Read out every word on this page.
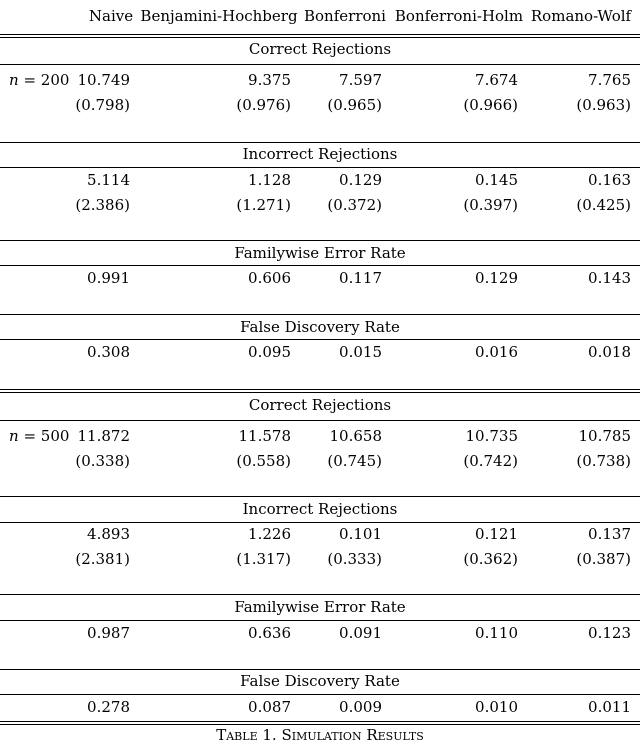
Naive Benjamini-Hochberg Bonferroni Bonferroni-Holm Romano-Wolf
Correct Rejections
n = 200 10.749	9.375	7.597	7.674	7.765
(0.798)	(0.976)	(0.965)	(0.966)	(0.963)
Incorrect Rejections
5.114	1.128	0.129	0.145	0.163
(2.386)	(1.271)	(0.372)	(0.397)	(0.425)
Familywise Error Rate
0.991	0.606	0.117	0.129	0.143
False Discovery Rate
0.308	0.095	0.015	0.016	0.018
Correct Rejections
n = 500 11.872	11.578	10.658	10.735	10.785
(0.338)	(0.558)	(0.745)	(0.742)	(0.738)
Incorrect Rejections
4.893	1.226	0.101	0.121	0.137
(2.381)	(1.317)	(0.333)	(0.362)	(0.387)
Familywise Error Rate
0.987	0.636	0.091	0.110	0.123
False Discovery Rate
0.278	0.087	0.009	0.010	0.011
Table 1. Simulation Results
